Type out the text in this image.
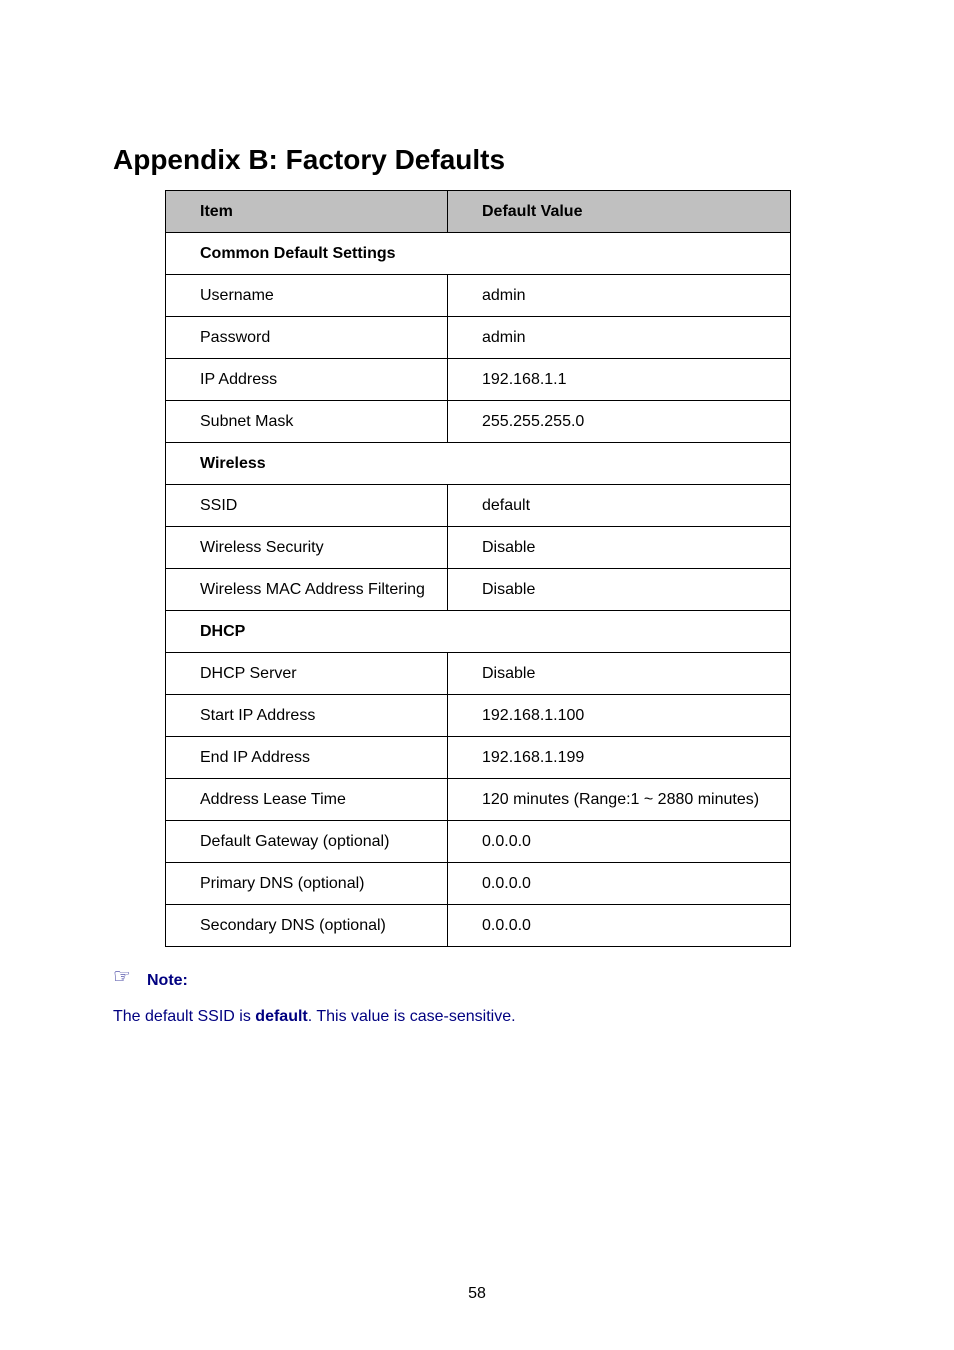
Appendix B: Factory Defaults
Item	Default Value
Common Default Settings	
Username	admin
Password	admin
IP Address	192.168.1.1
Subnet Mask	255.255.255.0
Wireless	
SSID	default
Wireless Security	Disable
Wireless MAC Address Filtering	Disable
DHCP	
DHCP Server	Disable
Start IP Address	192.168.1.100
End IP Address	192.168.1.199
Address Lease Time	120 minutes (Range:1 ~ 2880 minutes)
Default Gateway (optional)	0.0.0.0
Primary DNS (optional)	0.0.0.0
Secondary DNS (optional)	0.0.0.0
☞ Note:
The default SSID is default. This value is case-sensitive.
58
